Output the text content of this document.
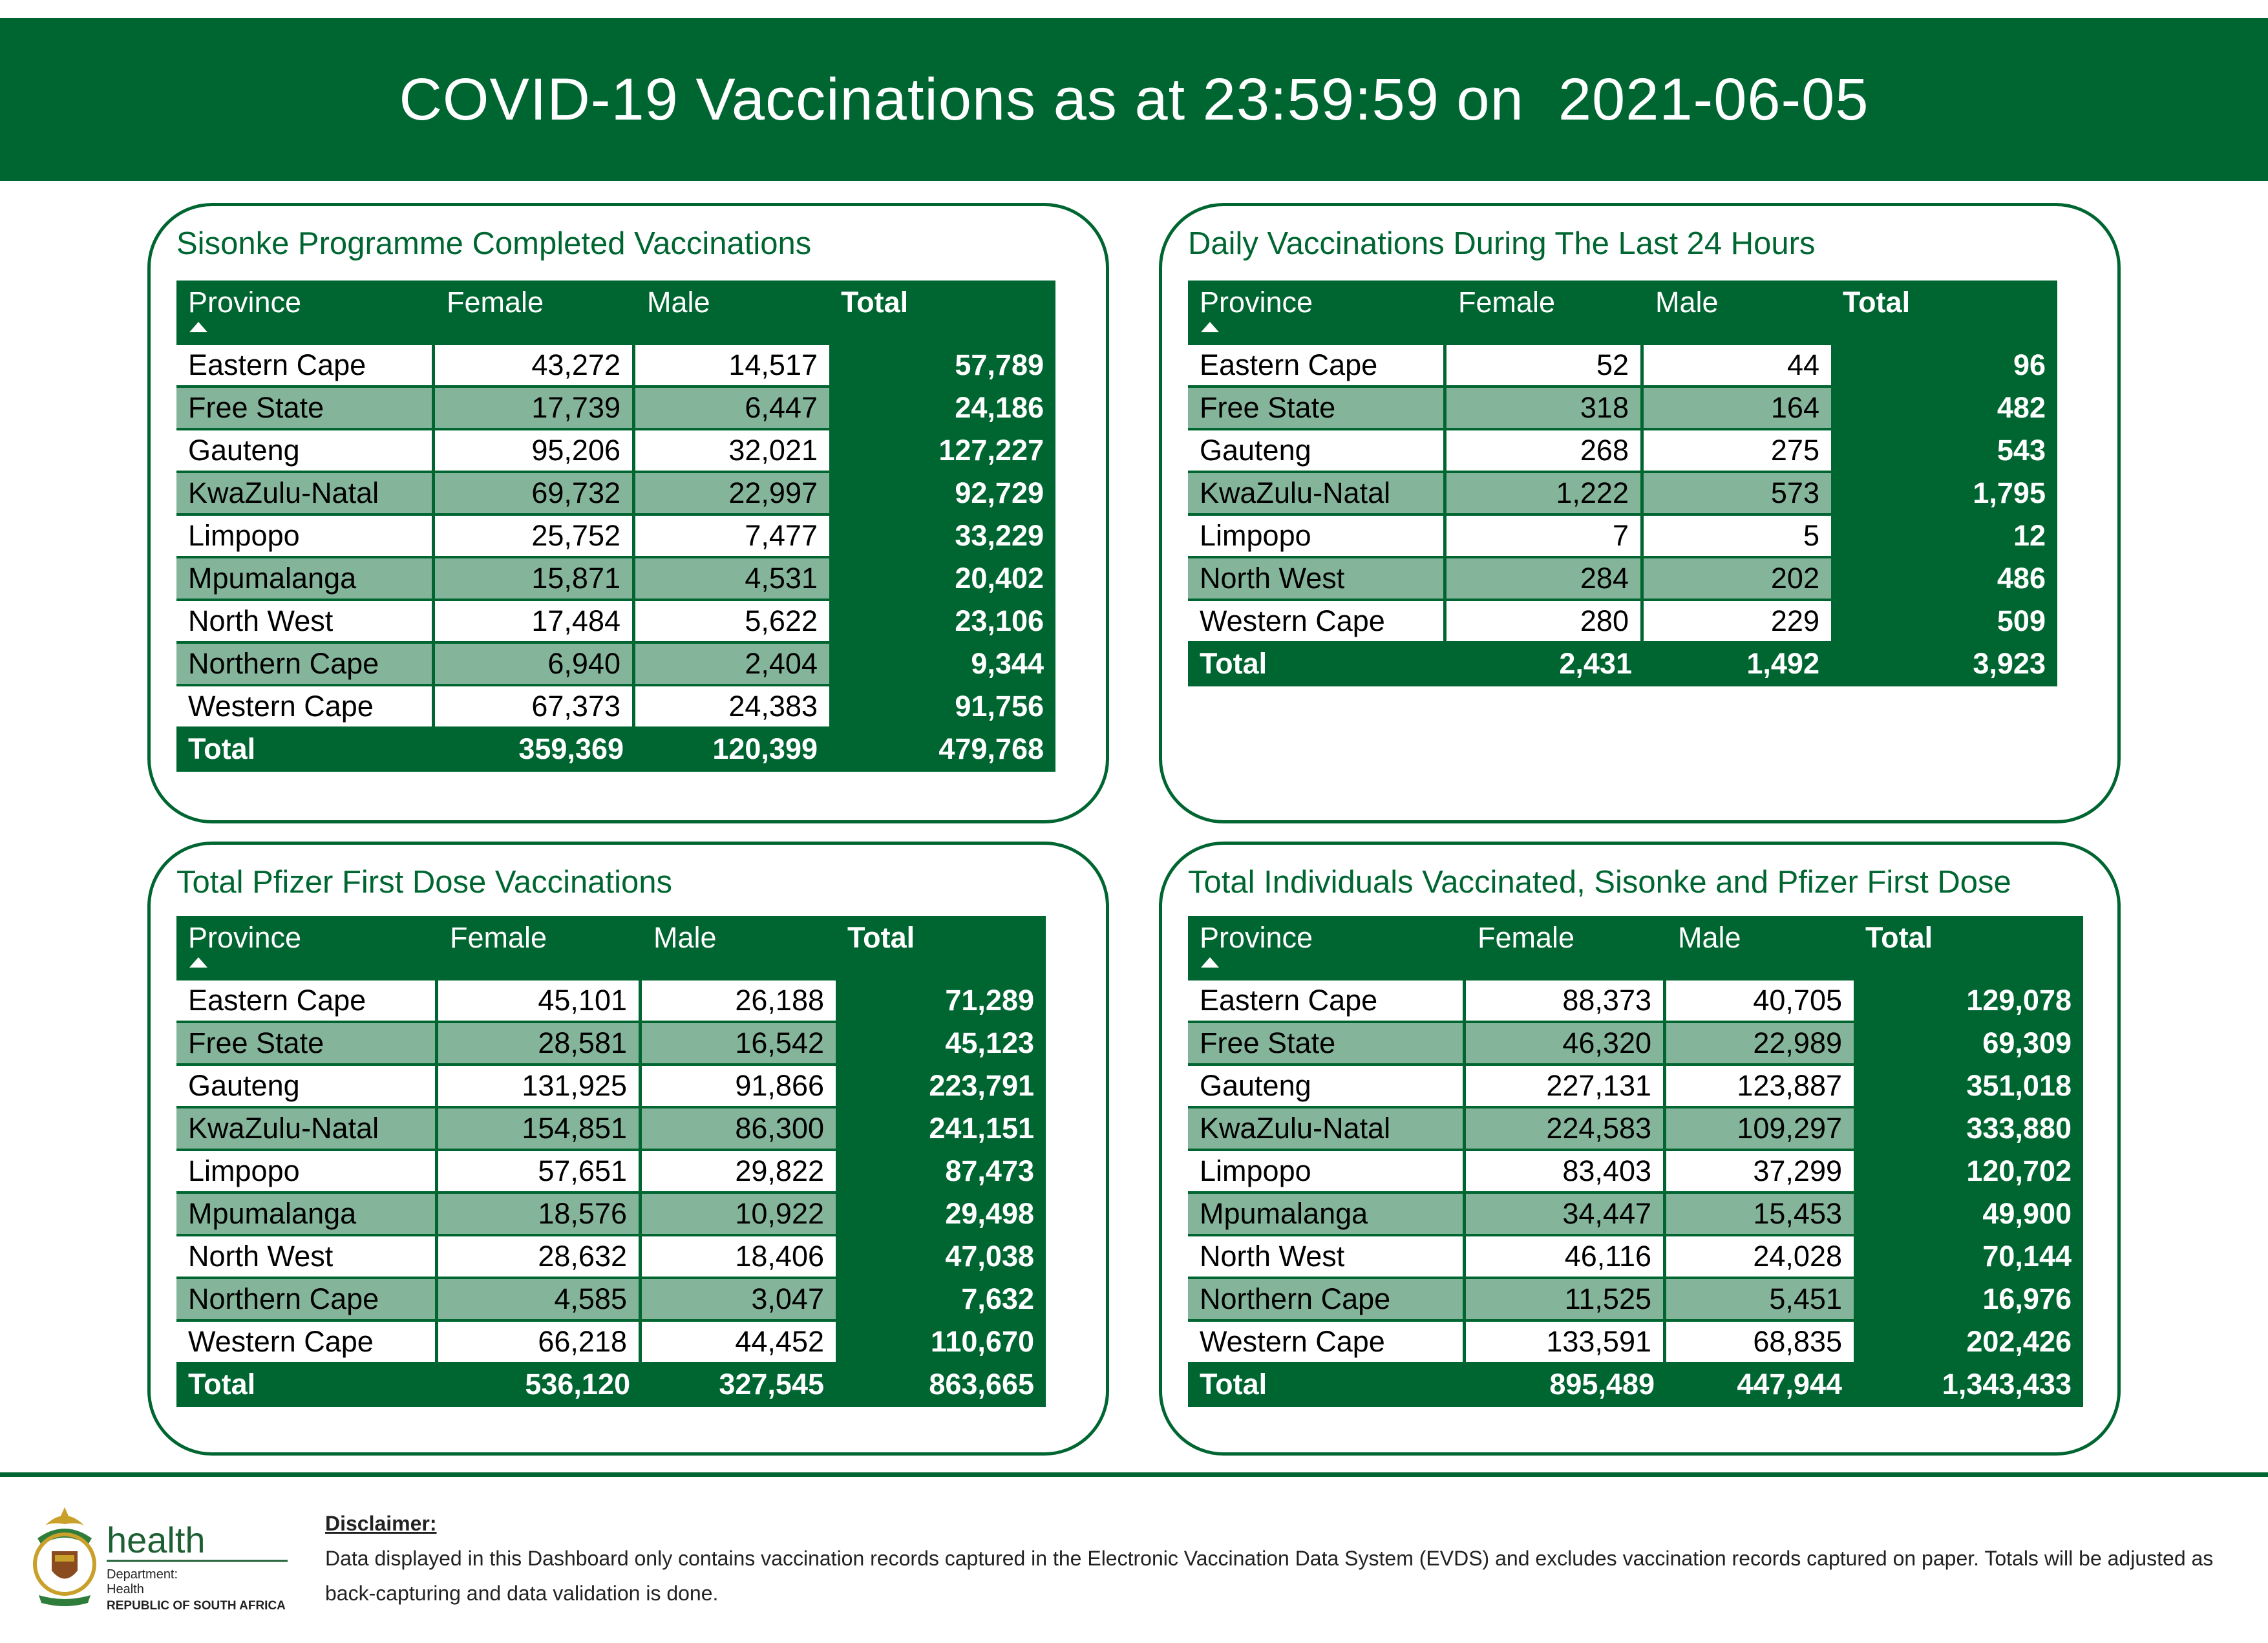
COVID-19 Vaccinations as at 23:59:59 on  2021-06-05
Sisonke Programme Completed Vaccinations
Province	Female	Male	Total
Eastern Cape	43,272	14,517	57,789
Free State	17,739	6,447	24,186
Gauteng	95,206	32,021	127,227
KwaZulu-Natal	69,732	22,997	92,729
Limpopo	25,752	7,477	33,229
Mpumalanga	15,871	4,531	20,402
North West	17,484	5,622	23,106
Northern Cape	6,940	2,404	9,344
Western Cape	67,373	24,383	91,756
Total	359,369	120,399	479,768
Daily Vaccinations During The Last 24 Hours
Province	Female	Male	Total
Eastern Cape	52	44	96
Free State	318	164	482
Gauteng	268	275	543
KwaZulu-Natal	1,222	573	1,795
Limpopo	7	5	12
North West	284	202	486
Western Cape	280	229	509
Total	2,431	1,492	3,923
Total Pfizer First Dose Vaccinations
Province	Female	Male	Total
Eastern Cape	45,101	26,188	71,289
Free State	28,581	16,542	45,123
Gauteng	131,925	91,866	223,791
KwaZulu-Natal	154,851	86,300	241,151
Limpopo	57,651	29,822	87,473
Mpumalanga	18,576	10,922	29,498
North West	28,632	18,406	47,038
Northern Cape	4,585	3,047	7,632
Western Cape	66,218	44,452	110,670
Total	536,120	327,545	863,665
Total Individuals Vaccinated, Sisonke and Pfizer First Dose
Province	Female	Male	Total
Eastern Cape	88,373	40,705	129,078
Free State	46,320	22,989	69,309
Gauteng	227,131	123,887	351,018
KwaZulu-Natal	224,583	109,297	333,880
Limpopo	83,403	37,299	120,702
Mpumalanga	34,447	15,453	49,900
North West	46,116	24,028	70,144
Northern Cape	11,525	5,451	16,976
Western Cape	133,591	68,835	202,426
Total	895,489	447,944	1,343,433
health
Department:
Health
REPUBLIC OF SOUTH AFRICA
Disclaimer:
Data displayed in this Dashboard only contains vaccination records captured in the Electronic Vaccination Data System (EVDS) and excludes vaccination records captured on paper. Totals will be adjusted as back-capturing and data validation is done.
